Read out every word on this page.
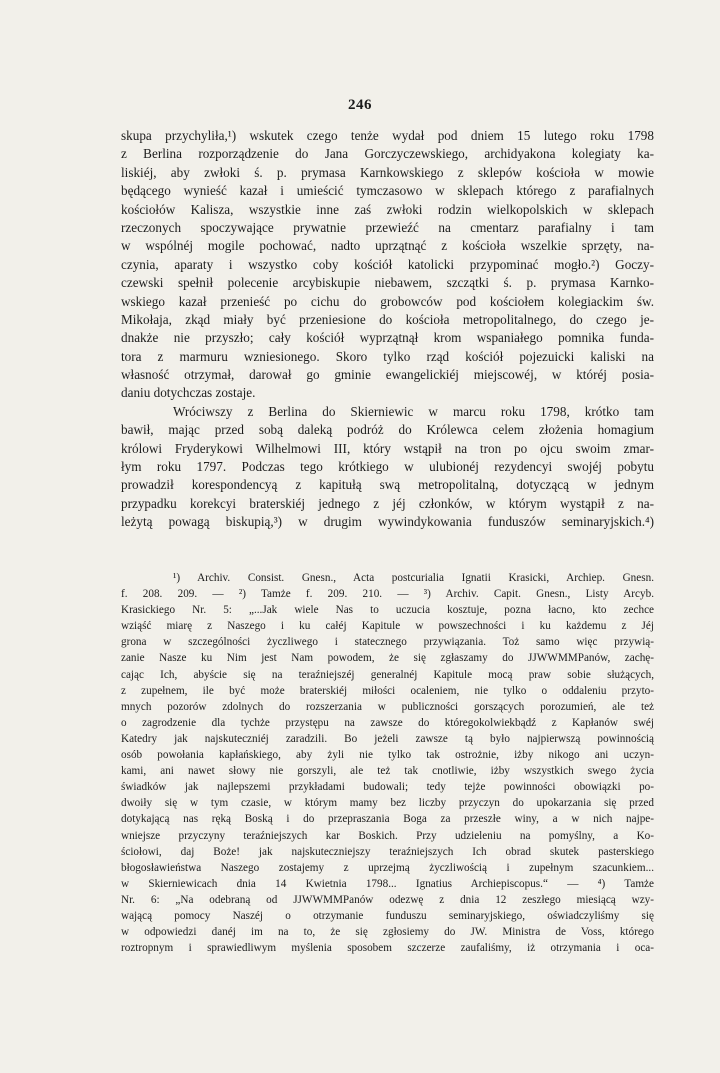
246
skupa przychyliła,¹) wskutek czego tenże wydał pod dniem 15 lutego roku 1798
z Berlina rozporządzenie do Jana Gorczyczewskiego, archidyakona kolegiaty ka-
liskiéj, aby zwłoki ś. p. prymasa Karnkowskiego z sklepów kościoła w mowie
będącego wynieść kazał i umieścić tymczasowo w sklepach którego z parafialnych
kościołów Kalisza, wszystkie inne zaś zwłoki rodzin wielkopolskich w sklepach
rzeczonych spoczywające prywatnie przewieźć na cmentarz parafialny i tam
w wspólnéj mogile pochować, nadto uprzątnąć z kościoła wszelkie sprzęty, na-
czynia, aparaty i wszystko coby kościół katolicki przypominać mogło.²) Goczy-
czewski spełnił polecenie arcybiskupie niebawem, szczątki ś. p. prymasa Karnko-
wskiego kazał przenieść po cichu do grobowców pod kościołem kolegiackim św.
Mikołaja, zkąd miały być przeniesione do kościoła metropolitalnego, do czego je-
dnakże nie przyszło; cały kościół wyprzątnął krom wspaniałego pomnika funda-
tora z marmuru wzniesionego. Skoro tylko rząd kościół pojezuicki kaliski na
własność otrzymał, darował go gminie ewangelickiéj miejscowéj, w któréj posia-
daniu dotychczas zostaje.
Wróciwszy z Berlina do Skierniewic w marcu roku 1798, krótko tam
bawił, mając przed sobą daleką podróż do Królewca celem złożenia homagium
królowi Fryderykowi Wilhelmowi III, który wstąpił na tron po ojcu swoim zmar-
łym roku 1797. Podczas tego krótkiego w ulubionéj rezydencyi swojéj pobytu
prowadził korespondencyą z kapitułą swą metropolitalną, dotyczącą w jednym
przypadku korekcyi braterskiéj jednego z jéj członków, w którym wystąpił z na-
leżytą powagą biskupią,³) w drugim wywindykowania funduszów seminaryjskich.⁴)
¹) Archiv. Consist. Gnesn., Acta postcurialia Ignatii Krasicki, Archiep. Gnesn.
f. 208. 209. — ²) Tamże f. 209. 210. — ³) Archiv. Capit. Gnesn., Listy Arcyb.
Krasickiego Nr. 5: „...Jak wiele Nas to uczucia kosztuje, pozna łacno, kto zechce
wziąść miarę z Naszego i ku całéj Kapitule w powszechności i ku każdemu z Jéj
grona w szczególności życzliwego i statecznego przywiązania. Toż samo więc przywią-
zanie Nasze ku Nim jest Nam powodem, że się zgłaszamy do JJWWMMPanów, zachę-
cając Ich, abyście się na teraźniejszéj generalnéj Kapitule mocą praw sobie służących,
z zupełnem, ile być może braterskiéj miłości ocaleniem, nie tylko o oddaleniu przyto-
mnych pozorów zdolnych do rozszerzania w publiczności gorszących porozumień, ale też
o zagrodzenie dla tychże przystępu na zawsze do któregokolwiekbądź z Kapłanów swéj
Katedry jak najskuteczniéj zaradzili. Bo jeżeli zawsze tą było najpierwszą powinnością
osób powołania kapłańskiego, aby żyli nie tylko tak ostrożnie, iżby nikogo ani uczyn-
kami, ani nawet słowy nie gorszyli, ale też tak cnotliwie, iżby wszystkich swego życia
świadków jak najlepszemi przykładami budowali; tedy tejże powinności obowiązki po-
dwoiły się w tym czasie, w którym mamy bez liczby przyczyn do upokarzania się przed
dotykającą nas ręką Boską i do przepraszania Boga za przeszłe winy, a w nich najpe-
wniejsze przyczyny teraźniejszych kar Boskich. Przy udzieleniu na pomyślny, a Ko-
ściołowi, daj Boże! jak najskuteczniejszy teraźniejszych Ich obrad skutek pasterskiego
błogosławieństwa Naszego zostajemy z uprzejmą życzliwością i zupełnym szacunkiem...
w Skierniewicach dnia 14 Kwietnia 1798... Ignatius Archiepiscopus.“ — ⁴) Tamże
Nr. 6: „Na odebraną od JJWWMMPanów odezwę z dnia 12 zeszłego miesiącą wzy-
wającą pomocy Naszéj o otrzymanie funduszu seminaryjskiego, oświadczyliśmy się
w odpowiedzi danéj im na to, że się zgłosiemy do JW. Ministra de Voss, którego
roztropnym i sprawiedliwym myślenia sposobem szczerze zaufaliśmy, iż otrzymania i oca-
